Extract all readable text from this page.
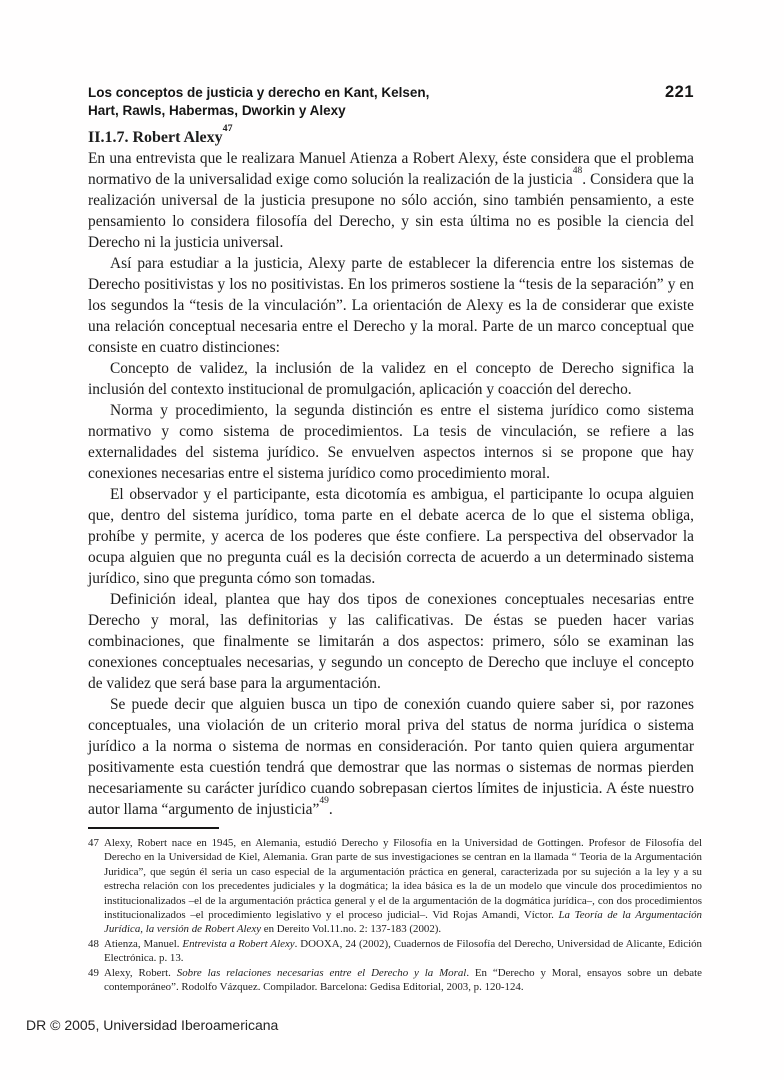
Los conceptos de justicia y derecho en Kant, Kelsen,
Hart, Rawls, Habermas, Dworkin y Alexy
221
II.1.7. Robert Alexy$^{47}$

En una entrevista que le realizara Manuel Atienza a Robert Alexy, éste considera que el problema normativo de la universalidad exige como solución la realización de la justicia$^{48}$. Considera que la realización universal de la justicia presupone no sólo acción, sino también pensamiento, a este pensamiento lo considera filosofía del Derecho, y sin esta última no es posible la ciencia del Derecho ni la justicia universal.

Así para estudiar a la justicia, Alexy parte de establecer la diferencia entre los sistemas de Derecho positivistas y los no positivistas. En los primeros sostiene la “tesis de la separación” y en los segundos la “tesis de la vinculación”. La orientación de Alexy es la de considerar que existe una relación conceptual necesaria entre el Derecho y la moral. Parte de un marco conceptual que consiste en cuatro distinciones:

Concepto de validez, la inclusión de la validez en el concepto de Derecho significa la inclusión del contexto institucional de promulgación, aplicación y coacción del derecho.

Norma y procedimiento, la segunda distinción es entre el sistema jurídico como sistema normativo y como sistema de procedimientos. La tesis de vinculación, se refiere a las externalidades del sistema jurídico. Se envuelven aspectos internos si se propone que hay conexiones necesarias entre el sistema jurídico como procedimiento moral.

El observador y el participante, esta dicotomía es ambigua, el participante lo ocupa alguien que, dentro del sistema jurídico, toma parte en el debate acerca de lo que el sistema obliga, prohíbe y permite, y acerca de los poderes que éste confiere. La perspectiva del observador la ocupa alguien que no pregunta cuál es la decisión correcta de acuerdo a un determinado sistema jurídico, sino que pregunta cómo son tomadas.

Definición ideal, plantea que hay dos tipos de conexiones conceptuales necesarias entre Derecho y moral, las definitorias y las calificativas. De éstas se pueden hacer varias combinaciones, que finalmente se limitarán a dos aspectos: primero, sólo se examinan las conexiones conceptuales necesarias, y segundo un concepto de Derecho que incluye el concepto de validez que será base para la argumentación.

Se puede decir que alguien busca un tipo de conexión cuando quiere saber si, por razones conceptuales, una violación de un criterio moral priva del status de norma jurídica o sistema jurídico a la norma o sistema de normas en consideración. Por tanto quien quiera argumentar positivamente esta cuestión tendrá que demostrar que las normas o sistemas de normas pierden necesariamente su carácter jurídico cuando sobrepasan ciertos límites de injusticia. A éste nuestro autor llama “argumento de injusticia”$^{49}$.

47 Alexy, Robert nace en 1945, en Alemania, estudió Derecho y Filosofía en la Universidad de Gottingen. Profesor de Filosofía del Derecho en la Universidad de Kiel, Alemania. Gran parte de sus investigaciones se centran en la llamada “ Teoria de la Argumentación Juridica”, que según él seria un caso especial de la argumentación práctica en general, caracterizada por su sujeción a la ley y a su estrecha relación con los precedentes judiciales y la dogmática; la idea básica es la de un modelo que vincule dos procedimientos no institucionalizados –el de la argumentación práctica general y el de la argumentación de la dogmática jurídica–, con dos procedimientos institucionalizados –el procedimiento legislativo y el proceso judicial–. Vid Rojas Amandi, Víctor. La Teoría de la Argumentación Jurídica, la versión de Robert Alexy en Dereito Vol.11.no. 2: 137-183 (2002).
48 Atienza, Manuel. Entrevista a Robert Alexy. DOOXA, 24 (2002), Cuadernos de Filosofía del Derecho, Universidad de Alicante, Edición Electrónica. p. 13.
49 Alexy, Robert. Sobre las relaciones necesarias entre el Derecho y la Moral. En “Derecho y Moral, ensayos sobre un debate contemporáneo”. Rodolfo Vázquez. Compilador. Barcelona: Gedisa Editorial, 2003, p. 120-124.
DR © 2005, Universidad Iberoamericana
